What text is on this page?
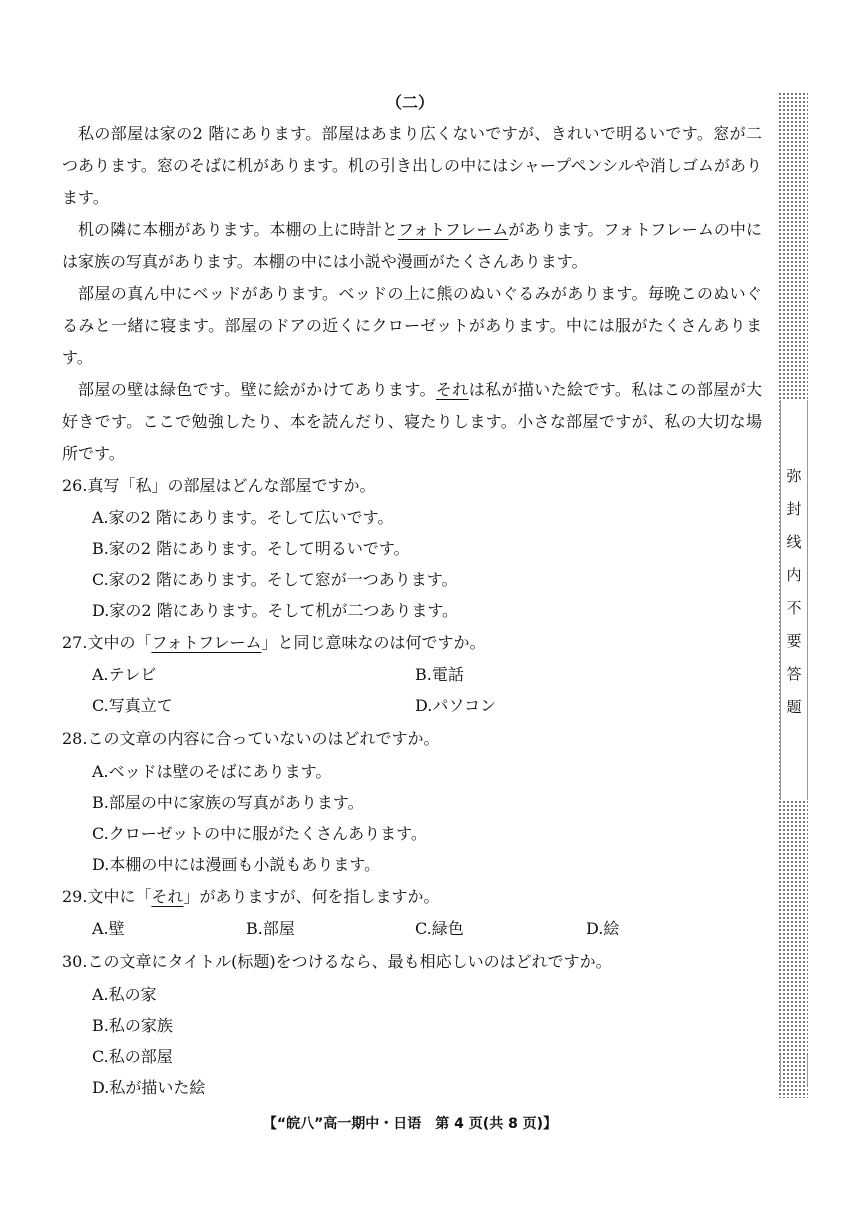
（二）

私の部屋は家の2 階にあります。部屋はあまり広くないですが、きれいで明るいです。窓が二つあります。窓のそばに机があります。机の引き出しの中にはシャープペンシルや消しゴムがあります。

机の隣に本棚があります。本棚の上に時計とフォトフレームがあります。フォトフレームの中には家族の写真があります。本棚の中には小説や漫画がたくさんあります。

部屋の真ん中にベッドがあります。ベッドの上に熊のぬいぐるみがあります。毎晩このぬいぐるみと一緒に寝ます。部屋のドアの近くにクローゼットがあります。中には服がたくさんあります。

部屋の壁は緑色です。壁に絵がかけてあります。それは私が描いた絵です。私はこの部屋が大好きです。ここで勉強したり、本を読んだり、寝たりします。小さな部屋ですが、私の大切な場所です。

26.真写「私」の部屋はどんな部屋ですか。
A.家の2 階にあります。そして広いです。
B.家の2 階にあります。そして明るいです。
C.家の2 階にあります。そして窓が一つあります。
D.家の2 階にあります。そして机が二つあります。
27.文中の「フォトフレーム」と同じ意味なのは何ですか。
A.テレビ	B.電話
C.写真立て	D.パソコン
28.この文章の内容に合っていないのはどれですか。
A.ベッドは壁のそばにあります。
B.部屋の中に家族の写真があります。
C.クローゼットの中に服がたくさんあります。
D.本棚の中には漫画も小説もあります。
29.文中に「それ」がありますが、何を指しますか。
A.壁	B.部屋	C.緑色	D.絵
30.この文章にタイトル(标题)をつけるなら、最も相応しいのはどれですか。
A.私の家
B.私の家族
C.私の部屋
D.私が描いた絵
【“皖八”高一期中・日语　第 4 页(共 8 页)】
弥封线内不要答题
